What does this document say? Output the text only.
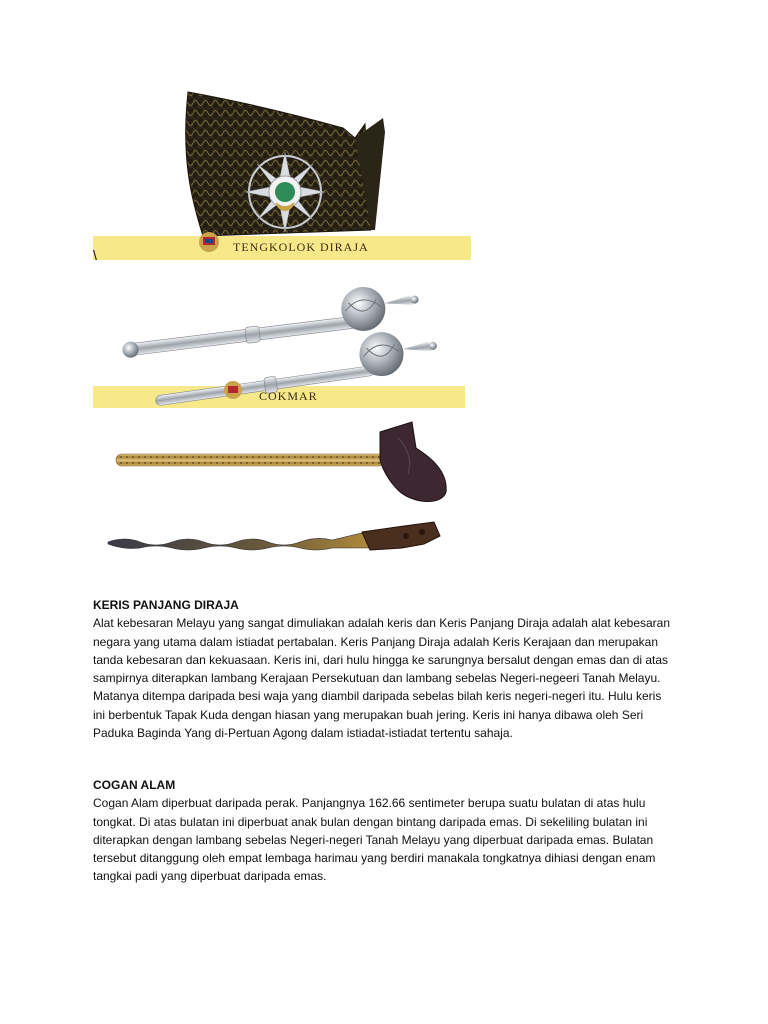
TENGKOLOK DIRAJA
\
COKMAR
KERIS PANJANG DIRAJA

Alat kebesaran Melayu yang sangat dimuliakan adalah keris dan Keris Panjang Diraja adalah alat kebesaran negara yang utama dalam istiadat pertabalan. Keris Panjang Diraja adalah Keris Kerajaan dan merupakan tanda kebesaran dan kekuasaan. Keris ini, dari hulu hingga ke sarungnya bersalut dengan emas dan di atas sampirnya diterapkan lambang Kerajaan Persekutuan dan lambang sebelas Negeri-negeeri Tanah Melayu. Matanya ditempa daripada besi waja yang diambil daripada sebelas bilah keris negeri-negeri itu. Hulu keris ini berbentuk Tapak Kuda dengan hiasan yang merupakan buah jering. Keris ini hanya dibawa oleh Seri Paduka Baginda Yang di-Pertuan Agong dalam istiadat-istiadat tertentu sahaja.

COGAN ALAM

Cogan Alam diperbuat daripada perak. Panjangnya 162.66 sentimeter berupa suatu bulatan di atas hulu tongkat. Di atas bulatan ini diperbuat anak bulan dengan bintang daripada emas. Di sekeliling bulatan ini diterapkan dengan lambang sebelas Negeri-negeri Tanah Melayu yang diperbuat daripada emas. Bulatan tersebut ditanggung oleh empat lembaga harimau yang berdiri manakala tongkatnya dihiasi dengan enam tangkai padi yang diperbuat daripada emas.
